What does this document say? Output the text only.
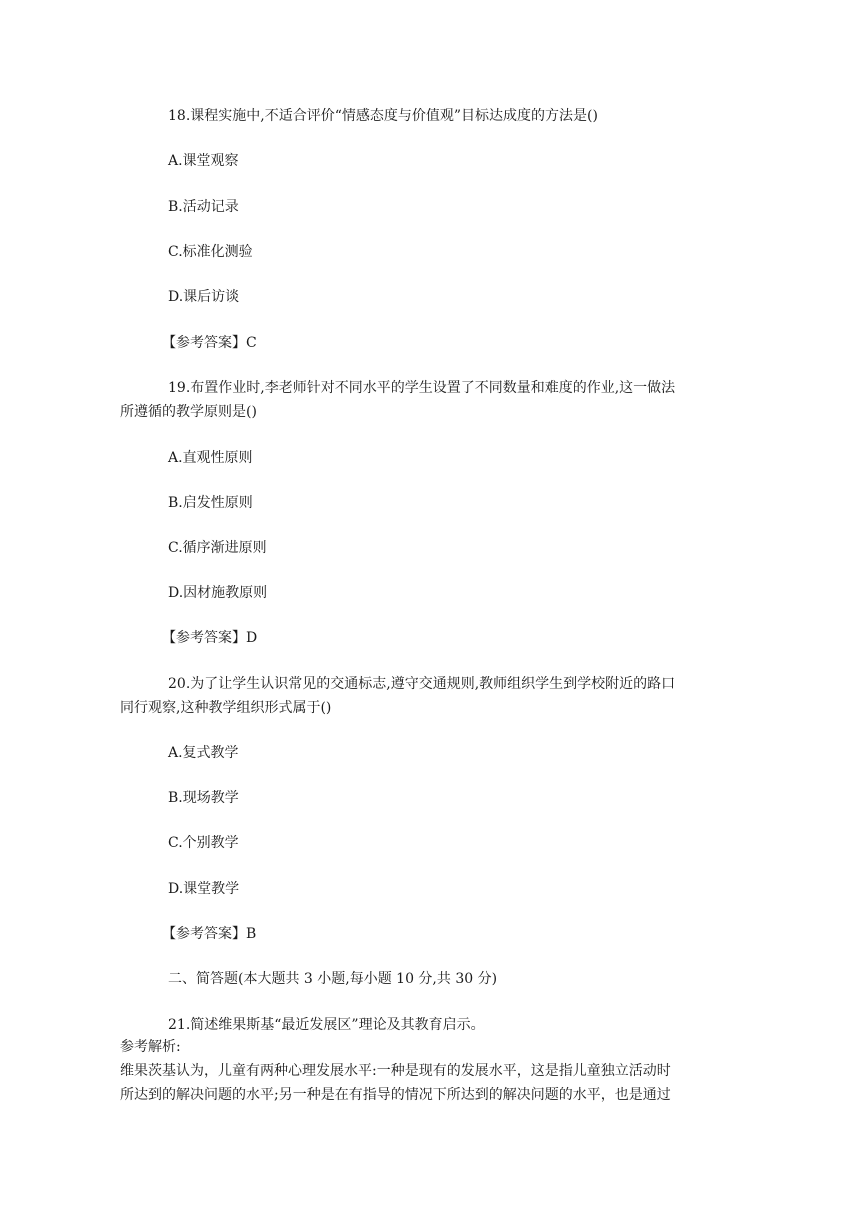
18.课程实施中,不适合评价“情感态度与价值观”目标达成度的方法是()
A.课堂观察
B.活动记录
C.标准化测验
D.课后访谈
【参考答案】C
19.布置作业时,李老师针对不同水平的学生设置了不同数量和难度的作业,这一做法
所遵循的教学原则是()
A.直观性原则
B.启发性原则
C.循序渐进原则
D.因材施教原则
【参考答案】D
20.为了让学生认识常见的交通标志,遵守交通规则,教师组织学生到学校附近的路口
同行观察,这种教学组织形式属于()
A.复式教学
B.现场教学
C.个别教学
D.课堂教学
【参考答案】B
二、简答题(本大题共 3 小题,每小题 10 分,共 30 分)
21.简述维果斯基“最近发展区”理论及其教育启示。
参考解析:
维果茨基认为，儿童有两种心理发展水平:一种是现有的发展水平，这是指儿童独立活动时
所达到的解决问题的水平;另一种是在有指导的情况下所达到的解决问题的水平，也是通过
